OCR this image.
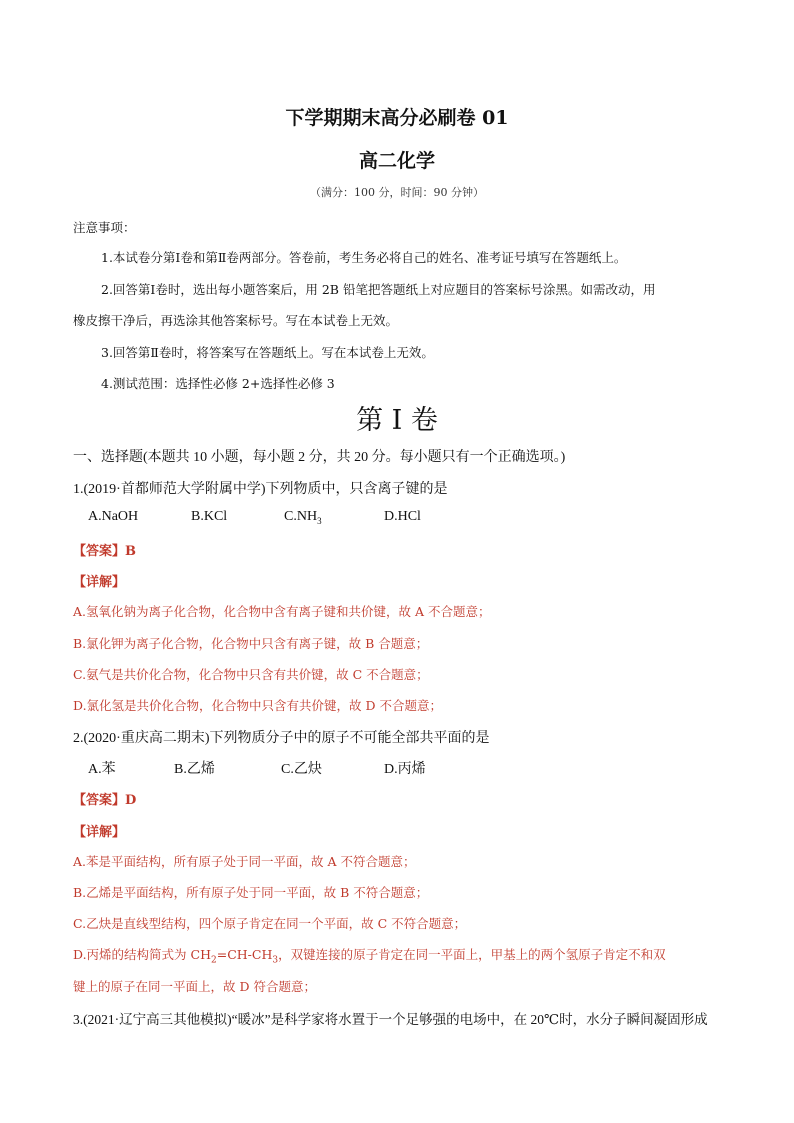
下学期期末高分必刷卷 01
高二化学
（满分：100 分，时间：90 分钟）
注意事项：
1.本试卷分第Ⅰ卷和第Ⅱ卷两部分。答卷前，考生务必将自己的姓名、准考证号填写在答题纸上。
2.回答第Ⅰ卷时，选出每小题答案后，用 2B 铅笔把答题纸上对应题目的答案标号涂黑。如需改动，用
橡皮擦干净后，再选涂其他答案标号。写在本试卷上无效。
3.回答第Ⅱ卷时，将答案写在答题纸上。写在本试卷上无效。
4.测试范围：选择性必修 2+选择性必修 3
第 I 卷
一、选择题(本题共 10 小题，每小题 2 分，共 20 分。每小题只有一个正确选项。)
1.(2019·首都师范大学附属中学)下列物质中，只含离子键的是
A.NaOH	B.KCl	$C.NH_3$	D.HCl
【答案】B
【详解】
A.氢氧化钠为离子化合物，化合物中含有离子键和共价键，故 A 不合题意；
B.氯化钾为离子化合物，化合物中只含有离子键，故 B 合题意；
C.氨气是共价化合物，化合物中只含有共价键，故 C 不合题意；
D.氯化氢是共价化合物，化合物中只含有共价键，故 D 不合题意；
2.(2020·重庆高二期末)下列物质分子中的原子不可能全部共平面的是
A.苯	B.乙烯	C.乙炔	D.丙烯
【答案】D
【详解】
A.苯是平面结构，所有原子处于同一平面，故 A 不符合题意；
B.乙烯是平面结构，所有原子处于同一平面，故 B 不符合题意；
C.乙炔是直线型结构，四个原子肯定在同一个平面，故 C 不符合题意；
D.丙烯的结构简式为 $CH_2=CH-CH_3$，双键连接的原子肯定在同一平面上，甲基上的两个氢原子肯定不和双
键上的原子在同一平面上，故 D 符合题意；
3.(2021·辽宁高三其他模拟)“暖冰”是科学家将水置于一个足够强的电场中，在 20℃时，水分子瞬间凝固形成
